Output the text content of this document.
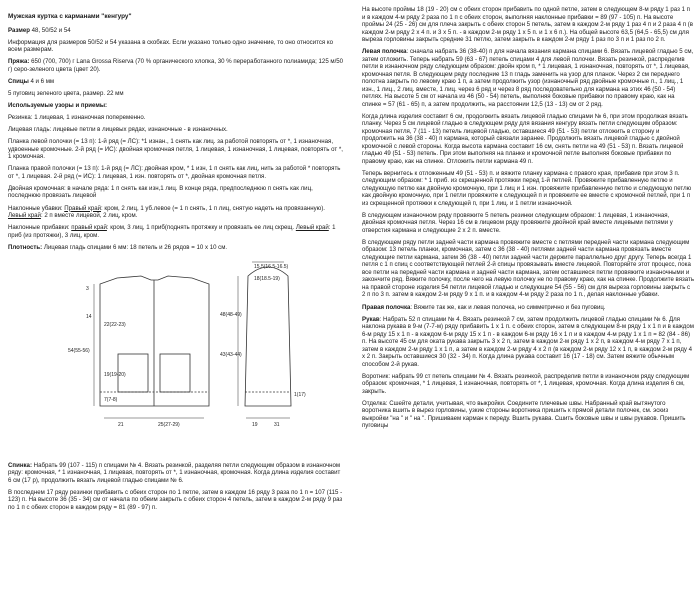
Мужская куртка с карманами "кенгуру"

Размер 48, 50/52 и 54

Информация для размеров 50/52 и 54 указана в скобках. Если указано только одно значение, то оно относится ко всем размерам.

Пряжа: 650 (700, 700) г Lana Grossa Riserva (70 % органического хлопка, 30 % переработанного полиамида; 125 м/50 г) серо-зеленого цвета (цвет 20).

Спицы 4 и 6 мм

5 пуговиц зеленого цвета, размер. 22 мм

Используемые узоры и приемы:

Резинка: 1 лицевая, 1 изнаночная попеременно.

Лицевая гладь: лицевые петли в лицевых рядах, изнаночные - в изнаночных.

Планка левой полочки (= 13 п): 1-й ряд (= ЛС): *1 изнан., 1 снять как лиц. за работой повторять от *, 1 изнаночная, удвоенные кромочные. 2-й ряд (= ИС): двойная кромочная петля, 1 лицевая, 1 изнаночная, 1 лицевая, повторять от *, 1 кромочная.

Планка правой полочки (= 13 п): 1-й ряд (= ЛС): двойная кром, * 1 изн, 1 п снять как лиц, нить за работой * повторять от *, 1 лицевая. 2-й ряд (= ИС): 1 лицевая, 1 изн. повторять от *, двойная кромочная петля.

Двойная кромочная: в начале ряда: 1 п снять как изн,1 лиц. В конце ряда, предпоследнюю п снять как лиц, последнюю провязать лицевой

Наклонные убавки: Правый край: кром, 2 лиц, 1 уб.левое (= 1 п снять, 1 п лиц, снятую надеть на провязанную). Левый край: 2 п вместе лицевой, 2 лиц, кром.

Наклонные прибавки: правый край: кром, 3 лиц, 1 приб(поднять протяжку и провязать ее лиц скрещ. Левый край: 1 приб (из протяжки), 3 лиц, кром.

Плотность: Лицевая гладь спицами 6 мм: 18 петель и 26 рядов = 10 x 10 см.

3
14
54(55-56)
22(22-23)
19(19-20)
7(7-8)
21	25(27-29)
15,5(16.5-16.5)
18(18.5-19)
48(48-49)
43(43-44)
1(17)
19	31

Спинка: Набрать 99 (107 - 115) п спицами № 4. Вязать резинкой, разделяя петли следующим образом в изнаночном ряду: кромочная, * 1 изнаночная, 1 лицевая, повторять от *, 1 изнаночная, кромочная. Когда длина изделия составит 6 см (17 р), продолжить вязать лицевой гладью спицами № 6.

В последнем 17 ряду резинки прибавить с обеих сторон по 1 петле, затем в каждом 16 ряду 3 раза по 1 п = 107 (115 - 123) п. На высоте 36 (35 - 34) см от начала по обеим закрыть с обеих сторон 4 петель, затем в каждом 2-м ряду 9 раз по 1 п с обеих сторон в каждом ряду = 81 (89 - 97) п.

На высоте проймы 18 (19 - 20) см с обеих сторон прибавить по одной петле, затем в следующем 8-м ряду 1 раз 1 п и в каждом 4-м ряду 2 раза по 1 п с обеих сторон, выполняя наклонные прибавки = 89 (97 - 105) п. На высоте проймы 24 (25 - 26) см для плеча закрыть с обеих сторон 5 петель, затем в каждом 2-м ряду 1 раз 4 п и 2 раза 4 п (в каждом 2-м ряду 2 х 4 п. и 3 х 5 п. - в каждом 2-м ряду 1 х 5 п. и 1 х 6 п.). На общей высоте 63,5 (64,5 - 65,5) см для выреза горловины закрыть средние 31 петлю, затем закрыть в каждом 2-м ряду 1 раз по 3 п и 1 раз по 2 п.

Левая полочка: сначала набрать 36 (38-40) п для начала вязания кармана спицами 6. Вязать лицевой гладью 5 см, затем отложить. Теперь набрать 59 (63 - 67) петель спицами 4 для левой полочки. Вязать резинкой, распределив петли в изнаночном ряду следующим образом: двойн кром п, * 1 лицевая, 1 изнаночная, повторять от *, 1 лицевая, кромочная петля. В следующем ряду последние 13 п гладь заменить на узор для планок. Через 2 см переднего полотна закрыть по левому краю 1 п, а затем продолжить узор (изнаночный ряд двойные кромочные п., 1 лиц., 1 изн., 1 лиц., 2 лиц. вместе, 1 лиц. через 6 ряд и через 8 ряд последовательно для кармана на этих 46 (50 - 54) петлях. На высоте 5 см от начала из 46 (50 - 54) петель, выполняя боковые прибавки по правому краю, как на спинке = 57 (61 - 65) п, а затем продолжить, на расстоянии 12,5 (13 - 13) см от 2 ряд.

Когда длина изделия составит 6 см, продолжить вязать лицевой гладью спицами № 6, при этом продолжая вязать планку. Через 5 см лицевой гладью в следующем ряду для вязания кенгуру вязать петли следующим образом: кромочная петля, 7 (11 - 13) петель лицевой гладью, оставшиеся 49 (51 - 53) петли отложить в сторону и продолжить на 36 (38 - 40) п кармана, который связали заранее. Продолжить вязать лицевой гладью с двойной кромочной с левой стороны. Когда высота кармана составит 16 см, снять петли на 49 (51 - 53) п. Вязать лицевой гладью 49 (51 - 53) петель. При этом выполняя на планке и кромочной петле выполняя боковые прибавки по правому краю, как на спинке. Отложить петли кармана 49 п.

Теперь вернитесь к отложенным 49 (51 - 53) п. и вяжите планку кармана с правого края, прибавив при этом 3 п. следующим образом: * 1 приб. из скрещенной протяжки перед 1-й петлей. Провяжите прибавленную петлю и следующую петлю как двойную кромочную, при 1 лиц и 1 изн. провяжите прибавленную петлю и следующую петлю как двойную кромочную, при 1 петли провяжите к следующей п и провяжите ее вместе с кромочной петлей, при 1 п из скрещенной протяжки к следующей п, при 1 лиц. и 1 петли изнаночной.

В следующем изнаночном ряду провяжите 5 петель резинки следующим образом: 1 лицевая, 1 изнаночная, двойная кромочная петля. Через 16 см в лицевом ряду провяжите двойной край вместе лицевыми петлями у отверстия кармана и следующие 2 х 2 п. вместе.

В следующем ряду петли задней части кармана провяжите вместе с петлями передней части кармана следующим образом: 13 петель планки, кромочная, затем с 36 (38 - 40) петлями задней части кармана провязать вместе следующие петли кармана, затем 36 (38 - 40) петли задней части держите параллельно друг другу. Теперь всегда 1 петля с 1 п спиц с соответствующей петлей 2-й спицы провязывать вместе лицевой. Повторяйте этот процесс, пока все петли на передней части кармана и задней части кармана, затем оставшиеся петли провяжите изнаночными и закончите ряд. Вяжите полочку, после чего на левую полочку не по правому краю, как на спинке. Продолжите вязать на правой стороне изделия 54 петли лицевой гладью и следующие 54 (55 - 56) см для выреза горловины закрыть с 2 п по 3 п. затем в каждом 2-м ряду 9 х 1 п. и в каждом 4-м ряду 2 раза по 1 п., делая наклонные убавки.

Правая полочка: Вяжите так же, как и левая полочка, но симметрично и без пуговиц.

Рукав: Набрать 52 п спицами № 4. Вязать резинкой 7 см, затем продолжить лицевой гладью спицами № 6. Для наклона рукава в 9-м (7-7-м) ряду прибавить 1 х 1 п. с обеих сторон, затем в следующем 8-м ряду 1 х 1 п и в каждом 6-м ряду 15 х 1 п - в каждом 6-м ряду 15 х 1 п - в каждом 6-м ряду 16 х 1 п и в каждом 4-м ряду 1 х 1 п = 82 (84 - 86) п. На высоте 45 см для оката рукава закрыть 3 х 2 п, затем в каждом 2-м ряду 1 х 2 п, в каждом 4-м ряду 7 х 1 п, затем в каждом 2-м ряду 1 х 1 п, а затем в каждом 2-м ряду 4 х 2 п (в каждом 2-м ряду 12 х 1 п, в каждом 2-м ряду 4 х 2 п. Закрыть оставшиеся 30 (32 - 34) п. Когда длина рукава составит 16 (17 - 18) см. Затем вяжите обычным способом 2-й рукав.

Воротник: набрать 99 ст петель спицами № 4. Вязать резинкой, распределив петли в изнаночном ряду следующим образом: кромочная, * 1 лицевая, 1 изнаночная, повторять от *, 1 лицевая, кромочная. Когда длина изделия 6 см, закрыть.

Отделка: Сшейте детали, учитывая, что выкройки. Соедините плечевые швы. Набранный край вытянутого воротника вшить в вырез горловины, узкие стороны воротника пришить к прямой детали полочек, см. эскиз выкройки "на " и " на ". Пришиваем карман к переду. Вшить рукава. Сшить боковые швы и швы рукавов. Пришить пуговицы
